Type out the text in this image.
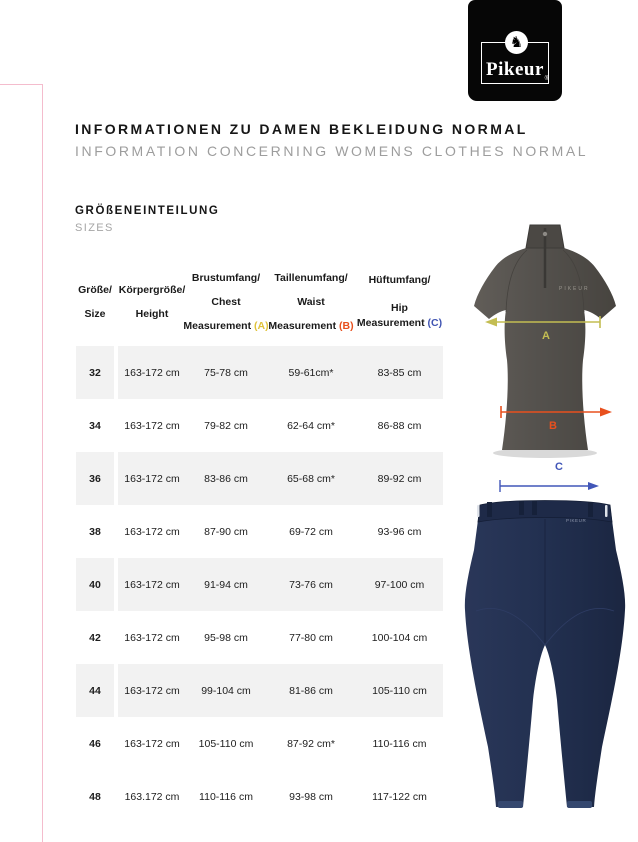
♞
Pikeur ®
INFORMATIONEN ZU DAMEN BEKLEIDUNG NORMAL
INFORMATION CONCERNING WOMENS CLOTHES NORMAL
GRÖßENEINTEILUNG
SIZES
Größe/
Size
Körpergröße/
Height
Brustumfang/
Chest
Measurement (A)
Taillenumfang/
Waist
Measurement (B)
Hüftumfang/
Hip
Measurement (C)
32	163-172 cm	75-78 cm	59-61cm*	83-85 cm
34	163-172 cm	79-82 cm	62-64 cm*	86-88 cm
36	163-172 cm	83-86 cm	65-68 cm*	89-92 cm
38	163-172 cm	87-90 cm	69-72 cm	93-96 cm
40	163-172 cm	91-94 cm	73-76 cm	97-100 cm
42	163-172 cm	95-98 cm	77-80 cm	100-104 cm
44	163-172 cm	99-104 cm	81-86 cm	105-110 cm
46	163-172 cm	105-110 cm	87-92 cm*	110-116 cm
48	163.172 cm	110-116 cm	93-98 cm	117-122 cm
PIKEUR
A
B
C
PIKEUR
